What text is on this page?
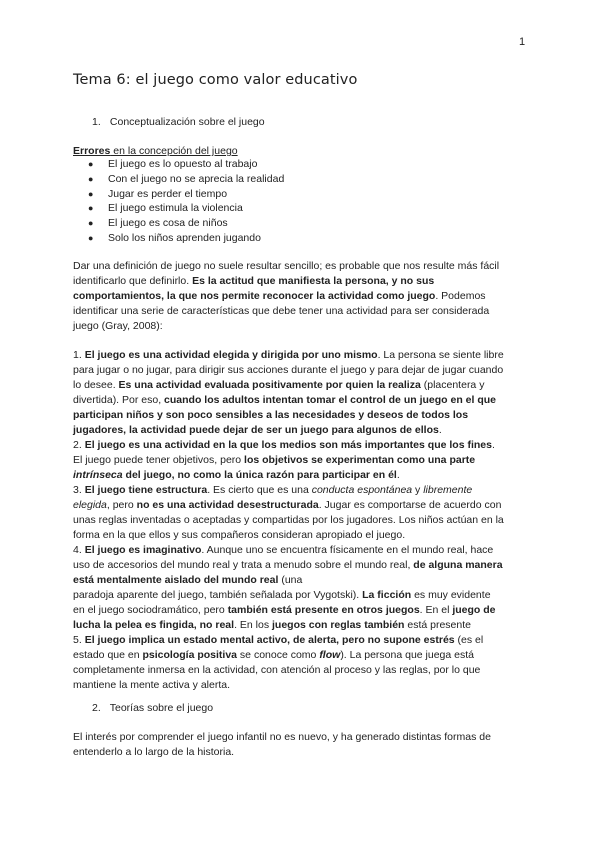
1
Tema 6: el juego como valor educativo
1. Conceptualización sobre el juego
Errores en la concepción del juego
● El juego es lo opuesto al trabajo
● Con el juego no se aprecia la realidad
● Jugar es perder el tiempo
● El juego estimula la violencia
● El juego es cosa de niños
● Solo los niños aprenden jugando
Dar una definición de juego no suele resultar sencillo; es probable que nos resulte más fácil
identificarlo que definirlo. Es la actitud que manifiesta la persona, y no sus
comportamientos, la que nos permite reconocer la actividad como juego. Podemos
identificar una serie de características que debe tener una actividad para ser considerada
juego (Gray, 2008):
1. El juego es una actividad elegida y dirigida por uno mismo. La persona se siente libre
para jugar o no jugar, para dirigir sus acciones durante el juego y para dejar de jugar cuando
lo desee. Es una actividad evaluada positivamente por quien la realiza (placentera y
divertida). Por eso, cuando los adultos intentan tomar el control de un juego en el que
participan niños y son poco sensibles a las necesidades y deseos de todos los
jugadores, la actividad puede dejar de ser un juego para algunos de ellos.
2. El juego es una actividad en la que los medios son más importantes que los fines.
El juego puede tener objetivos, pero los objetivos se experimentan como una parte
intrínseca del juego, no como la única razón para participar en él.
3. El juego tiene estructura. Es cierto que es una conducta espontánea y libremente
elegida, pero no es una actividad desestructurada. Jugar es comportarse de acuerdo con
unas reglas inventadas o aceptadas y compartidas por los jugadores. Los niños actúan en la
forma en la que ellos y sus compañeros consideran apropiado el juego.
4. El juego es imaginativo. Aunque uno se encuentra físicamente en el mundo real, hace
uso de accesorios del mundo real y trata a menudo sobre el mundo real, de alguna manera
está mentalmente aislado del mundo real (una
paradoja aparente del juego, también señalada por Vygotski). La ficción es muy evidente
en el juego sociodramático, pero también está presente en otros juegos. En el juego de
lucha la pelea es fingida, no real. En los juegos con reglas también está presente
5. El juego implica un estado mental activo, de alerta, pero no supone estrés (es el
estado que en psicología positiva se conoce como flow). La persona que juega está
completamente inmersa en la actividad, con atención al proceso y las reglas, por lo que
mantiene la mente activa y alerta.
2. Teorías sobre el juego
El interés por comprender el juego infantil no es nuevo, y ha generado distintas formas de
entenderlo a lo largo de la historia.
